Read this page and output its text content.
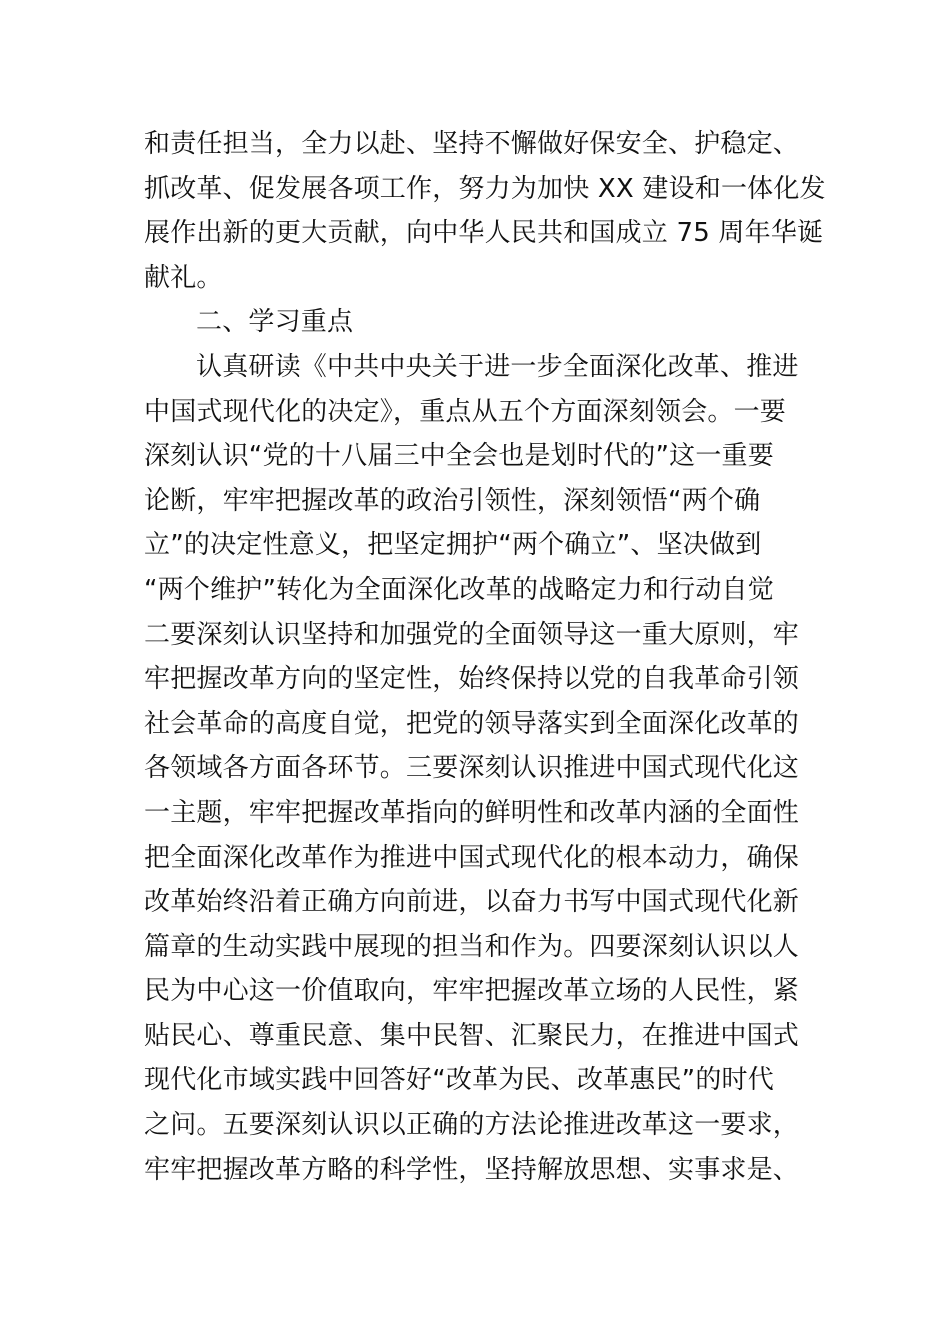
和责任担当，全力以赴、坚持不懈做好保安全、护稳定、
抓改革、促发展各项工作，努力为加快 XX 建设和一体化发
展作出新的更大贡献，向中华人民共和国成立 75 周年华诞
献礼。
二、学习重点
认真研读《中共中央关于进一步全面深化改革、推进
中国式现代化的决定》，重点从五个方面深刻领会。一要
深刻认识“党的十八届三中全会也是划时代的”这一重要
论断，牢牢把握改革的政治引领性，深刻领悟“两个确
立”的决定性意义，把坚定拥护“两个确立”、坚决做到
“两个维护”转化为全面深化改革的战略定力和行动自觉
二要深刻认识坚持和加强党的全面领导这一重大原则，牢
牢把握改革方向的坚定性，始终保持以党的自我革命引领
社会革命的高度自觉，把党的领导落实到全面深化改革的
各领域各方面各环节。三要深刻认识推进中国式现代化这
一主题，牢牢把握改革指向的鲜明性和改革内涵的全面性
把全面深化改革作为推进中国式现代化的根本动力，确保
改革始终沿着正确方向前进，以奋力书写中国式现代化新
篇章的生动实践中展现的担当和作为。四要深刻认识以人
民为中心这一价值取向，牢牢把握改革立场的人民性，紧
贴民心、尊重民意、集中民智、汇聚民力，在推进中国式
现代化市域实践中回答好“改革为民、改革惠民”的时代
之问。五要深刻认识以正确的方法论推进改革这一要求，
牢牢把握改革方略的科学性，坚持解放思想、实事求是、
